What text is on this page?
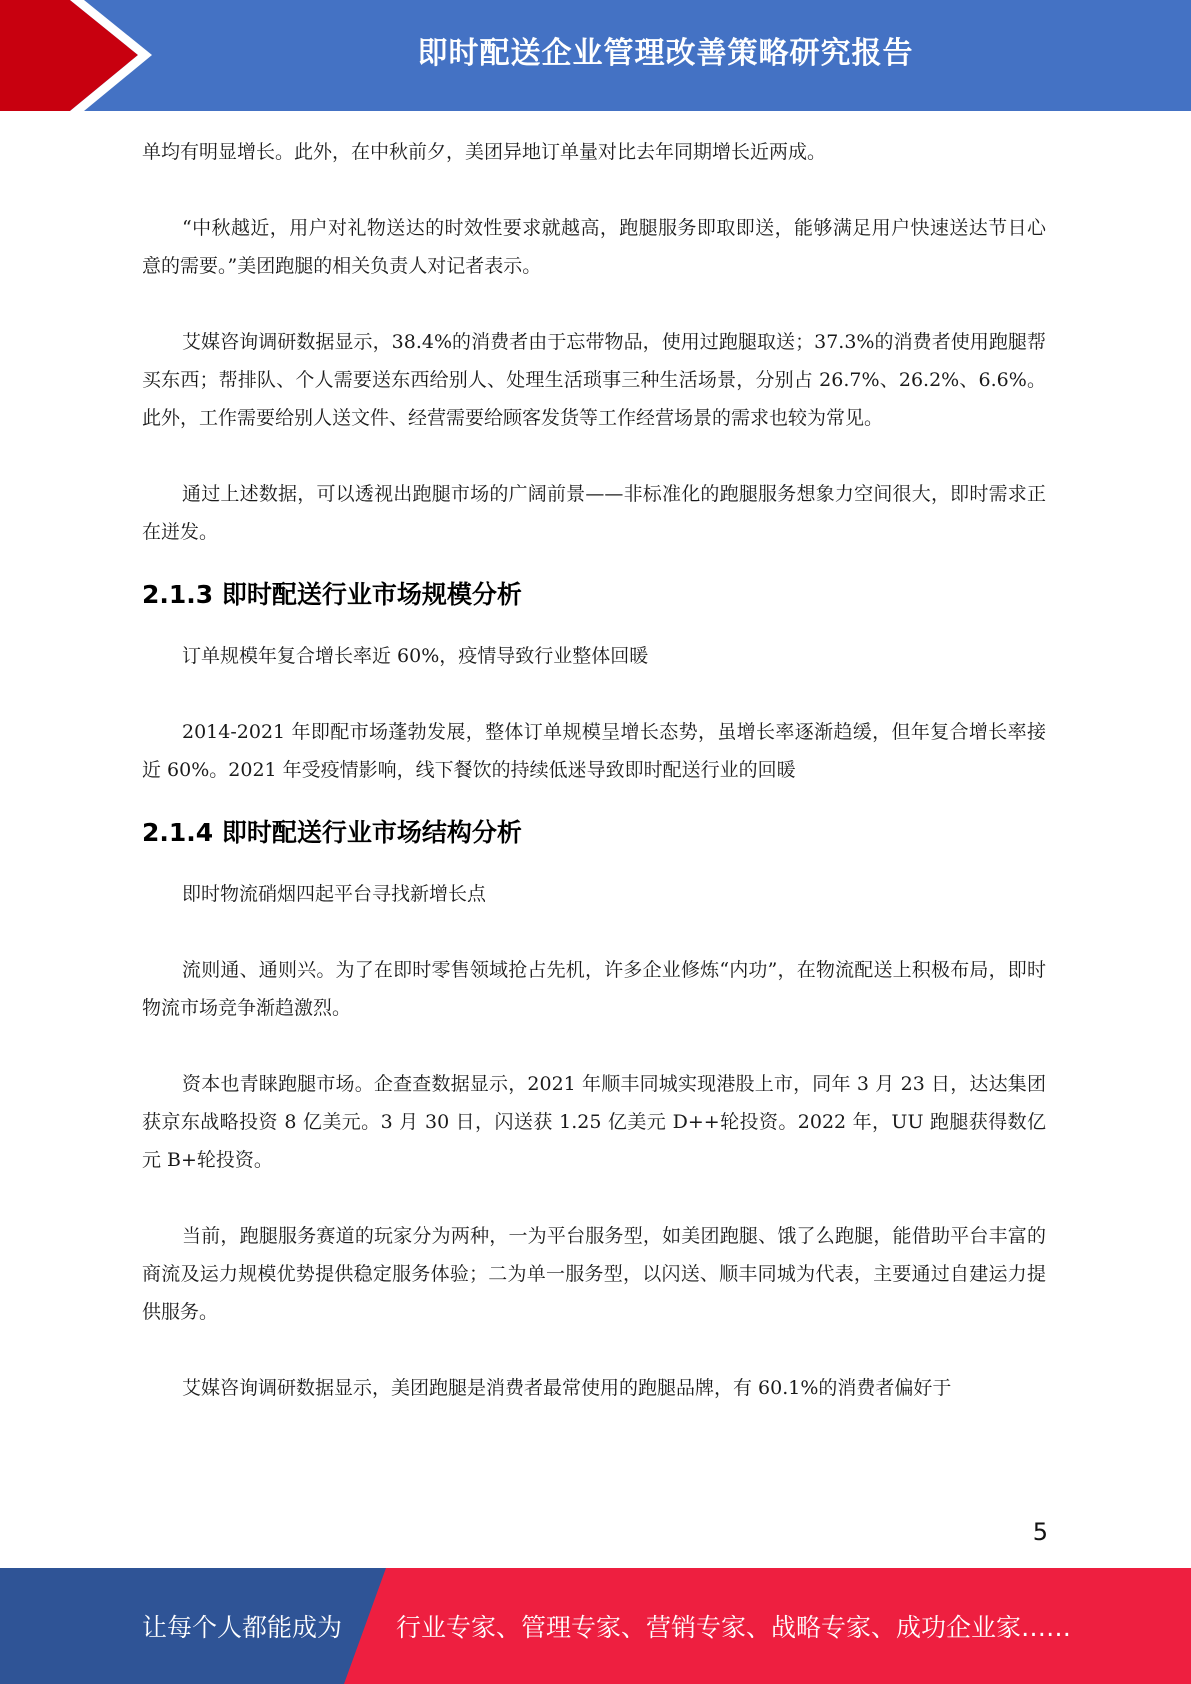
即时配送企业管理改善策略研究报告

单均有明显增长。此外，在中秋前夕，美团异地订单量对比去年同期增长近两成。

“中秋越近，用户对礼物送达的时效性要求就越高，跑腿服务即取即送，能够满足用户快速送达节日心意的需要。”美团跑腿的相关负责人对记者表示。

艾媒咨询调研数据显示，38.4%的消费者由于忘带物品，使用过跑腿取送；37.3%的消费者使用跑腿帮买东西；帮排队、个人需要送东西给别人、处理生活琐事三种生活场景，分别占 26.7%、26.2%、6.6%。此外，工作需要给别人送文件、经营需要给顾客发货等工作经营场景的需求也较为常见。

通过上述数据，可以透视出跑腿市场的广阔前景——非标准化的跑腿服务想象力空间很大，即时需求正在迸发。

2.1.3 即时配送行业市场规模分析

订单规模年复合增长率近 60%，疫情导致行业整体回暖

2014-2021 年即配市场蓬勃发展，整体订单规模呈增长态势，虽增长率逐渐趋缓，但年复合增长率接近 60%。2021 年受疫情影响，线下餐饮的持续低迷导致即时配送行业的回暖

2.1.4 即时配送行业市场结构分析

即时物流硝烟四起平台寻找新增长点

流则通、通则兴。为了在即时零售领域抢占先机，许多企业修炼“内功”，在物流配送上积极布局，即时物流市场竞争渐趋激烈。

资本也青睐跑腿市场。企查查数据显示，2021 年顺丰同城实现港股上市，同年 3 月 23 日，达达集团获京东战略投资 8 亿美元。3 月 30 日，闪送获 1.25 亿美元 D++轮投资。2022 年，UU 跑腿获得数亿元 B+轮投资。

当前，跑腿服务赛道的玩家分为两种，一为平台服务型，如美团跑腿、饿了么跑腿，能借助平台丰富的商流及运力规模优势提供稳定服务体验；二为单一服务型，以闪送、顺丰同城为代表，主要通过自建运力提供服务。

艾媒咨询调研数据显示，美团跑腿是消费者最常使用的跑腿品牌，有 60.1%的消费者偏好于

5
让每个人都能成为 行业专家、管理专家、营销专家、战略专家、成功企业家……
